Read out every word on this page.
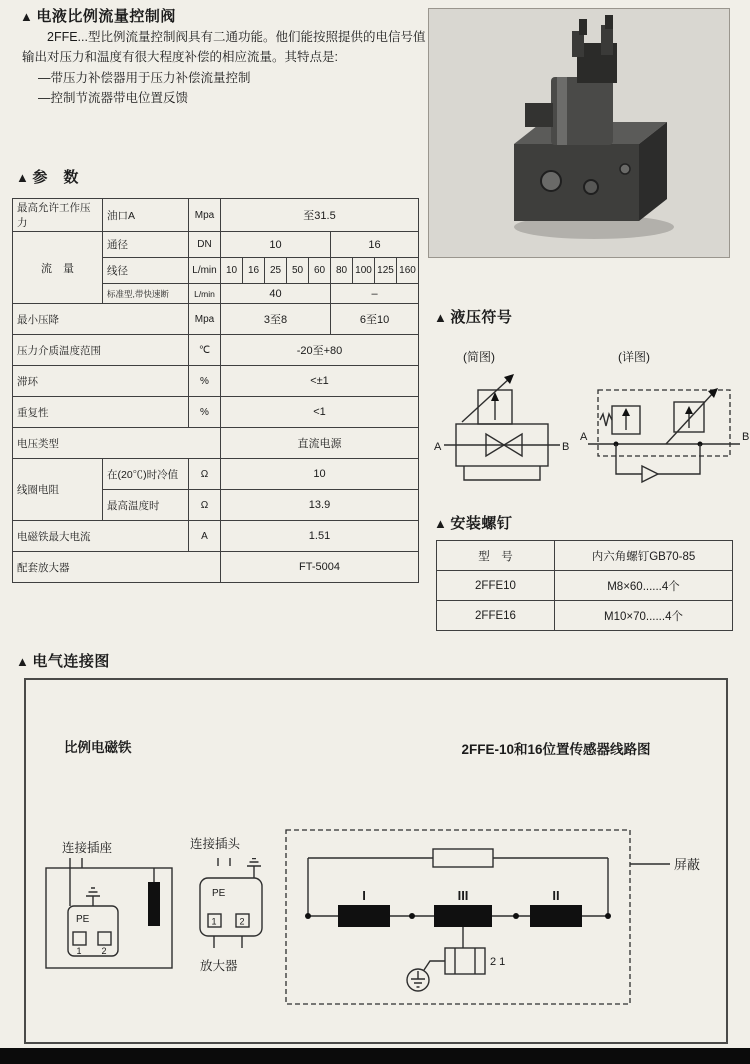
▲ 电液比例流量控制阀

2FFE...型比例流量控制阀具有二通功能。他们能按照提供的电信号值输出对压力和温度有很大程度补偿的相应流量。其特点是:

—带压力补偿器用于压力补偿流量控制
—控制节流器带电位置反馈
▲ 参　数
最高允许工作压力	油口A	Mpa	至31.5								
流　量	通径	DN	10					16			
	线径	L/min	10	16	25	50	60	80	100	125	160
	标准型,带快速断	L/min	40					–			
最小压降		Mpa	3至8					6至10			
压力介质温度范围		℃	-20至+80								
滞环		%	<±1								
重复性		%	<1								
电压类型			直流电源								
线圈电阻	在(20℃)时冷值	Ω	10								
	最高温度时	Ω	13.9								
电磁铁最大电流		A	1.51								
配套放大器			FT-5004								
▲ 液压符号
(简图)	(详图)
A	B
A	B
▲ 安装螺钉
型　号	内六角螺钉GB70-85
2FFE10	M8×60......4个
2FFE16	M10×70......4个
▲ 电气连接图
比例电磁铁	2FFE-10和16位置传感器线路图
连接插座	连接插头
放大器
PE
1 2
PE
1	2
I	III	II
2 1
屏蔽
